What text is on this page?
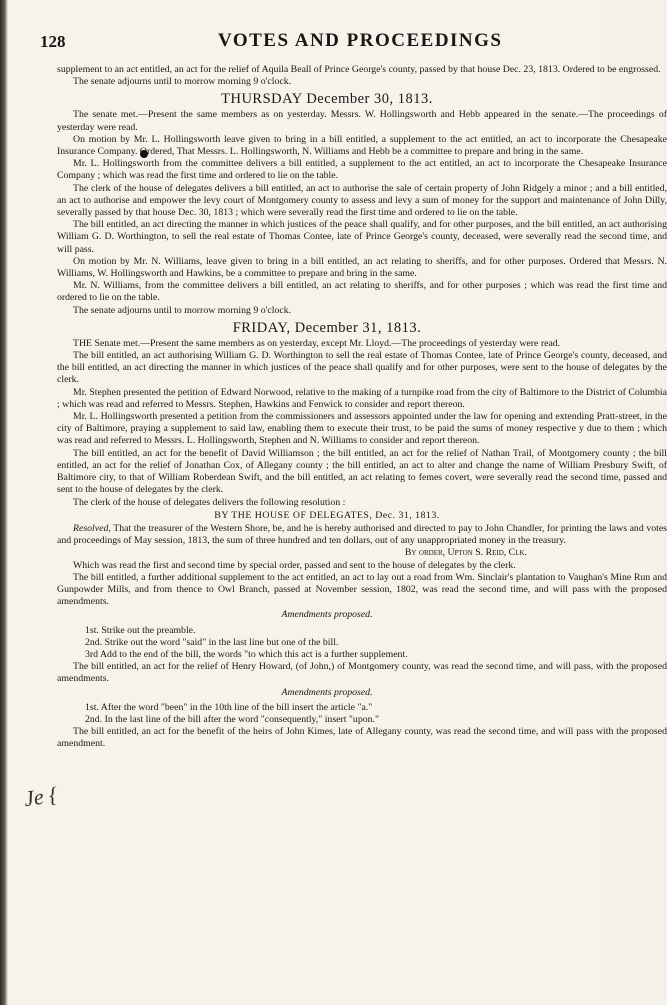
128	VOTES AND PROCEEDINGS
Je {

supplement to an act entitled, an act for the relief of Aquila Beall of Prince George's county, passed by that house Dec. 23, 1813. Ordered to be engrossed.

The senate adjourns until to morrow morning 9 o'clock.

THURSDAY December 30, 1813.

The senate met.—Present the same members as on yesterday. Messrs. W. Hollingsworth and Hebb appeared in the senate.—The proceedings of yesterday were read.

On motion by Mr. L. Hollingsworth leave given to bring in a bill entitled, a supplement to the act entitled, an act to incorporate the Chesapeake Insurance Company. Ordered, That Messrs. L. Hollingsworth, N. Williams and Hebb be a committee to prepare and bring in the same.

Mr. L. Hollingsworth from the committee delivers a bill entitled, a supplement to the act entitled, an act to incorporate the Chesapeake Insurance Company ; which was read the first time and ordered to lie on the table.

The clerk of the house of delegates delivers a bill entitled, an act to authorise the sale of certain property of John Ridgely a minor ; and a bill entitled, an act to authorise and empower the levy court of Montgomery county to assess and levy a sum of money for the support and maintenance of John Dilly, severally passed by that house Dec. 30, 1813 ; which were severally read the first time and ordered to lie on the table.

The bill entitled, an act directing the manner in which justices of the peace shall qualify, and for other purposes, and the bill entitled, an act authorising William G. D. Worthington, to sell the real estate of Thomas Contee, late of Prince George's county, deceased, were severally read the second time, and will pass.

On motion by Mr. N. Williams, leave given to bring in a bill entitled, an act relating to sheriffs, and for other purposes. Ordered that Messrs. N. Williams, W. Hollingsworth and Hawkins, be a committee to prepare and bring in the same.

Mr. N. Williams, from the committee delivers a bill entitled, an act relating to sheriffs, and for other purposes ; which was read the first time and ordered to lie on the table.

The senate adjourns until to morrow morning 9 o'clock.

FRIDAY, December 31, 1813.

THE Senate met.—Present the same members as on yesterday, except Mr. Lloyd.—The proceedings of yesterday were read.

The bill entitled, an act authorising William G. D. Worthington to sell the real estate of Thomas Contee, late of Prince George's county, deceased, and the bill entitled, an act directing the manner in which justices of the peace shall qualify and for other purposes, were sent to the house of delegates by the clerk.

Mr. Stephen presented the petition of Edward Norwood, relative to the making of a turnpike road from the city of Baltimore to the District of Columbia ; which was read and referred to Messrs. Stephen, Hawkins and Fenwick to consider and report thereon.

Mr. L. Hollingsworth presented a petition from the commissioners and assessors appointed under the law for opening and extending Pratt-street, in the city of Baltimore, praying a supplement to said law, enabling them to execute their trust, to be paid the sums of money respective y due to them ; which was read and referred to Messrs. L. Hollingsworth, Stephen and N. Williams to consider and report thereon.

The bill entitled, an act for the benefit of David Williamson ; the bill entitled, an act for the relief of Nathan Trail, of Montgomery county ; the bill entitled, an act for the relief of Jonathan Cox, of Allegany county ; the bill entitled, an act to alter and change the name of William Presbury Swift, of Baltimore city, to that of William Roberdean Swift, and the bill entitled, an act relating to femes covert, were severally read the second time, passed and sent to the house of delegates by the clerk.

The clerk of the house of delegates delivers the following resolution :

BY THE HOUSE OF DELEGATES, Dec. 31, 1813.

Resolved, That the treasurer of the Western Shore, be, and he is hereby authorised and directed to pay to John Chandler, for printing the laws and votes and proceedings of May session, 1813, the sum of three hundred and ten dollars, out of any unappropriated money in the treasury.

By order, Upton S. Reid, Clk.

Which was read the first and second time by special order, passed and sent to the house of delegates by the clerk.

The bill entitled, a further additional supplement to the act entitled, an act to lay out a road from Wm. Sinclair's plantation to Vaughan's Mine Run and Gunpowder Mills, and from thence to Owl Branch, passed at November session, 1802, was read the second time, and will pass with the proposed amendments.

Amendments proposed.

1st. Strike out the preamble.

2nd. Strike out the word "said" in the last line but one of the bill.

3rd Add to the end of the bill, the words "to which this act is a further supplement.

The bill entitled, an act for the relief of Henry Howard, (of John,) of Montgomery county, was read the second time, and will pass, with the proposed amendments.

Amendments proposed.

1st. After the word "been" in the 10th line of the bill insert the article "a."

2nd. In the last line of the bill after the word "consequently," insert "upon."

The bill entitled, an act for the benefit of the heirs of John Kimes, late of Allegany county, was read the second time, and will pass with the proposed amendment.
